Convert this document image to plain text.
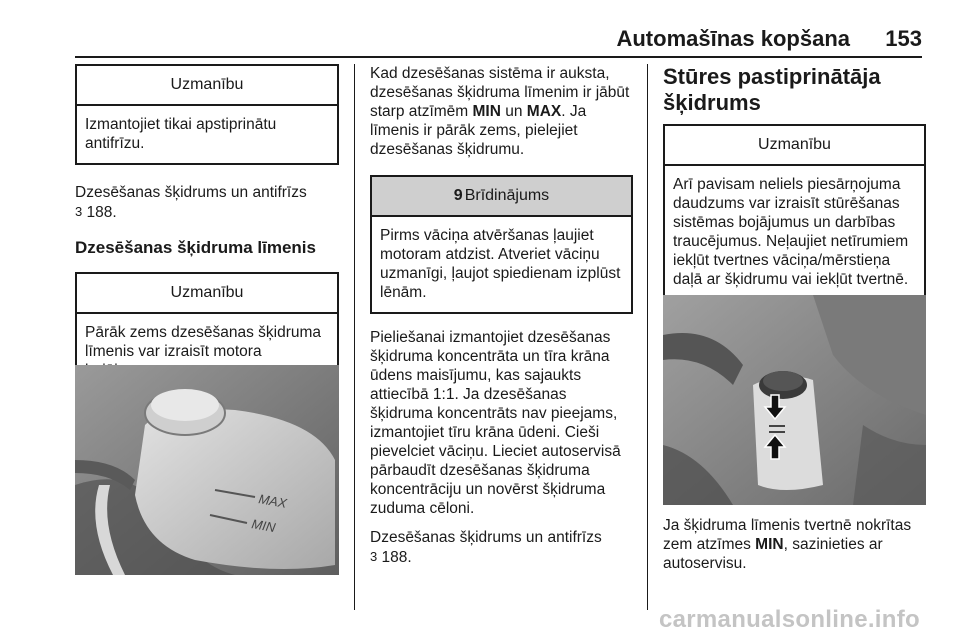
Automašīnas kopšana 153
Uzmanību
Izmantojiet tikai apstiprinātu antifrīzu.

Dzesēšanas šķidrums un antifrīzs
3 188.

Dzesēšanas šķidruma līmenis

Uzmanību
Pārāk zems dzesēšanas šķidruma līmenis var izraisīt motora
MAX
MIN

Kad dzesēšanas sistēma ir auksta, dzesēšanas šķidruma līmenim ir jābūt starp atzīmēm MIN un MAX. Ja līmenis ir pārāk zems, pielejiet dzesēšanas šķidrumu.

9 Brīdinājums
Pirms vāciņa atvēršanas ļaujiet motoram atdzist. Atveriet vāciņu uzmanīgi, ļaujot spiedienam izplūst lēnām.

Pieliešanai izmantojiet dzesēšanas šķidruma koncentrāta un tīra krāna ūdens maisījumu, kas sajaukts attiecībā 1:1. Ja dzesēšanas šķidruma koncentrāts nav pieejams, izmantojiet tīru krāna ūdeni. Cieši pievelciet vāciņu. Lieciet autoservisā pārbaudīt dzesēšanas šķidruma koncentrāciju un novērst šķidruma zuduma cēloni.

Dzesēšanas šķidrums un antifrīzs
3 188.

Stūres pastiprinātāja šķidrums

Uzmanību
Arī pavisam neliels piesārņojuma daudzums var izraisīt stūrēšanas sistēmas bojājumus un darbības traucējumus. Neļaujiet netīrumiem iekļūt tvertnes vāciņa/mērstieņa daļā ar šķidrumu vai iekļūt tvertnē.

Ja šķidruma līmenis tvertnē nokrītas zem atzīmes MIN, sazinieties ar autoservisu.

carmanualsonline.info
